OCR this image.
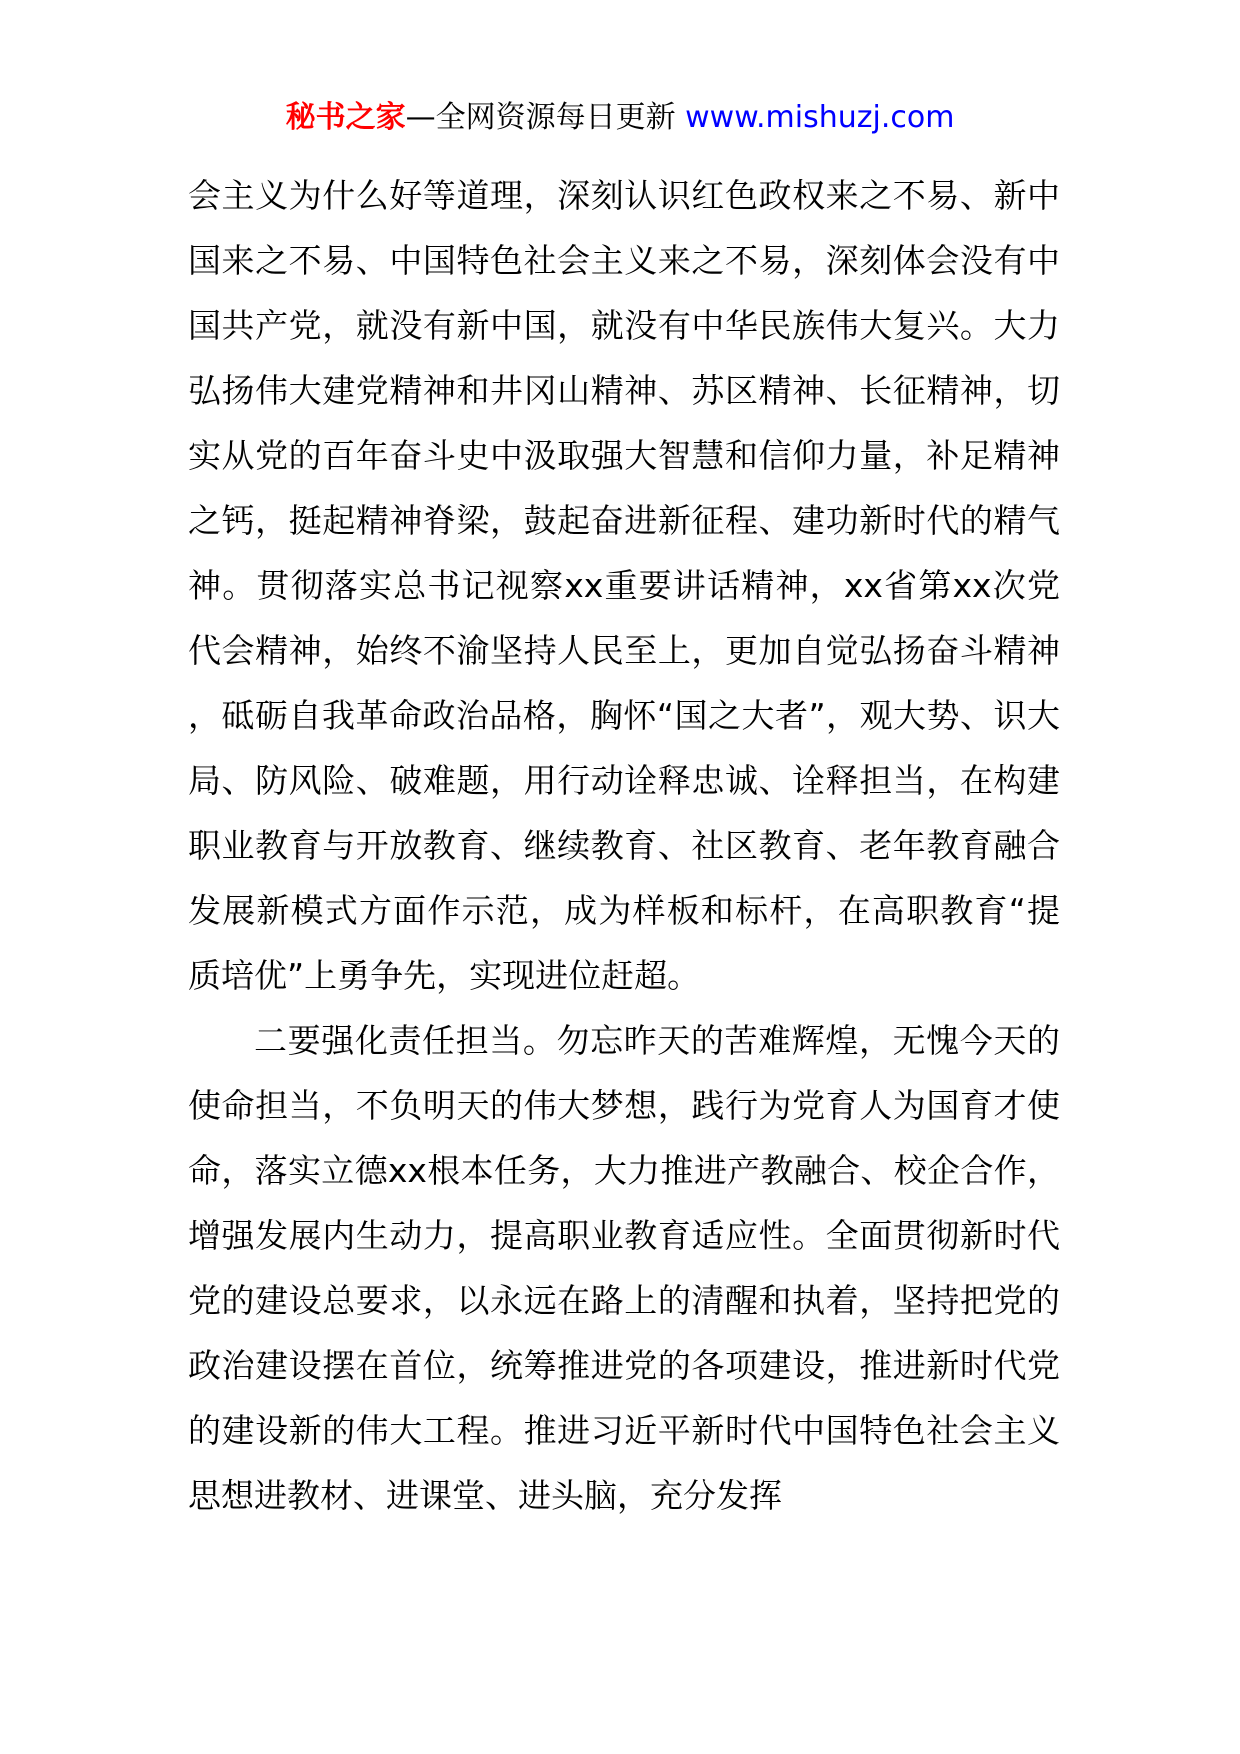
秘书之家—全网资源每日更新 www.mishuzj.com

会主义为什么好等道理，深刻认识红色政权来之不易、新中国来之不易、中国特色社会主义来之不易，深刻体会没有中国共产党，就没有新中国，就没有中华民族伟大复兴。大力弘扬伟大建党精神和井冈山精神、苏区精神、长征精神，切实从党的百年奋斗史中汲取强大智慧和信仰力量，补足精神之钙，挺起精神脊梁，鼓起奋进新征程、建功新时代的精气神。贯彻落实总书记视察xx重要讲话精神，xx省第xx次党代会精神，始终不渝坚持人民至上，更加自觉弘扬奋斗精神，砥砺自我革命政治品格，胸怀“国之大者”，观大势、识大局、防风险、破难题，用行动诠释忠诚、诠释担当，在构建职业教育与开放教育、继续教育、社区教育、老年教育融合发展新模式方面作示范，成为样板和标杆，在高职教育“提质培优”上勇争先，实现进位赶超。

二要强化责任担当。勿忘昨天的苦难辉煌，无愧今天的使命担当，不负明天的伟大梦想，践行为党育人为国育才使命，落实立德xx根本任务，大力推进产教融合、校企合作，增强发展内生动力，提高职业教育适应性。全面贯彻新时代党的建设总要求，以永远在路上的清醒和执着，坚持把党的政治建设摆在首位，统筹推进党的各项建设，推进新时代党的建设新的伟大工程。推进习近平新时代中国特色社会主义思想进教材、进课堂、进头脑，充分发挥
